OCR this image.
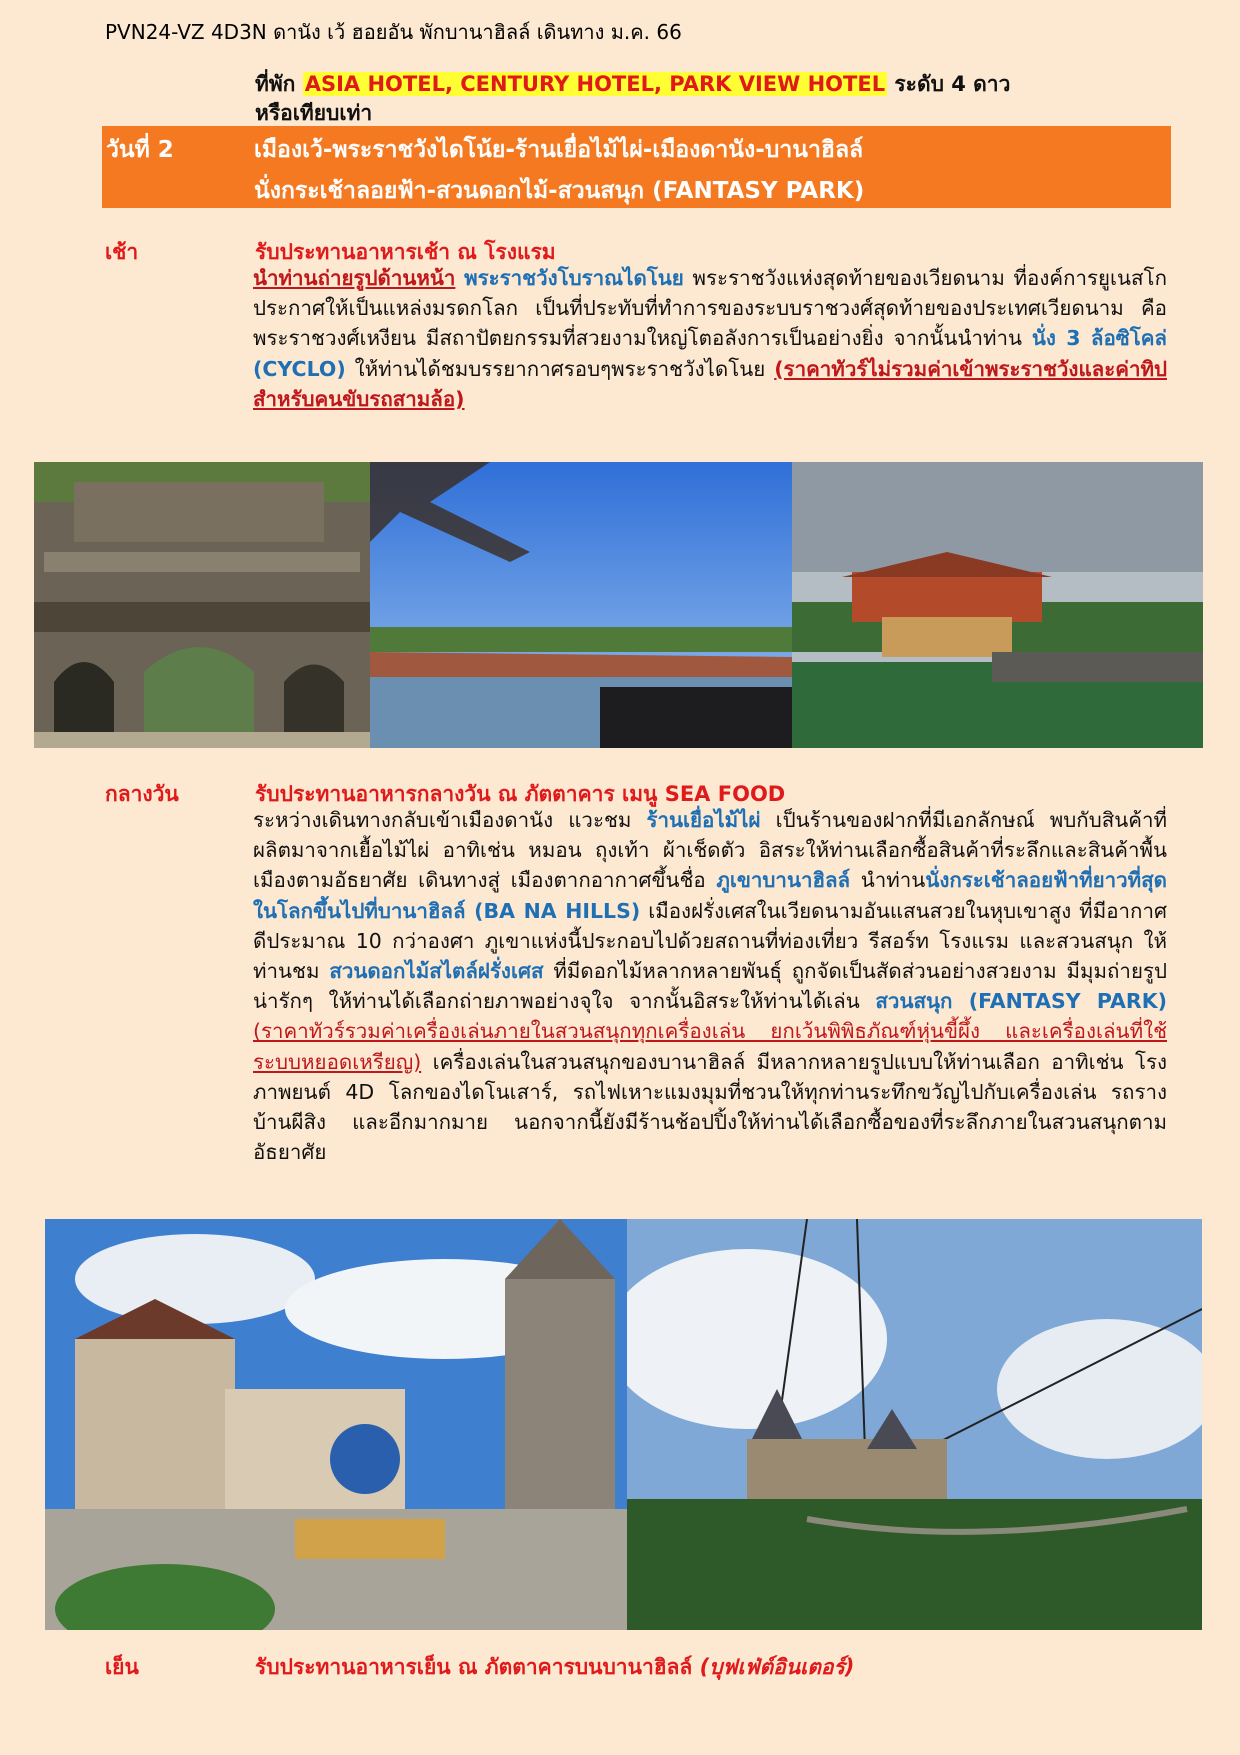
PVN24-VZ 4D3N ดานัง เว้ ฮอยอัน พักบานาฮิลล์ เดินทาง ม.ค. 66
ที่พัก ASIA HOTEL, CENTURY HOTEL, PARK VIEW HOTEL ระดับ 4 ดาว
หรือเทียบเท่า
วันที่ 2	เมืองเว้-พระราชวังไดโน้ย-ร้านเยื่อไม้ไผ่-เมืองดานัง-บานาฮิลล์
นั่งกระเช้าลอยฟ้า-สวนดอกไม้-สวนสนุก (FANTASY PARK)
เช้า	รับประทานอาหารเช้า ณ โรงแรม
นำท่านถ่ายรูปด้านหน้า พระราชวังโบราณไดโนย พระราชวังแห่งสุดท้ายของเวียดนาม ที่องค์การยูเนสโกประกาศให้เป็นแหล่งมรดกโลก เป็นที่ประทับที่ทำการของระบบราชวงศ์สุดท้ายของประเทศเวียดนาม คือพระราชวงศ์เหงียน มีสถาปัตยกรรมที่สวยงามใหญ่โตอลังการเป็นอย่างยิ่ง จากนั้นนำท่าน นั่ง 3 ล้อซิโคล่ (CYCLO) ให้ท่านได้ชมบรรยากาศรอบๆพระราชวังไดโนย (ราคาทัวร์ไม่รวมค่าเข้าพระราชวังและค่าทิปสำหรับคนขับรถสามล้อ)
กลางวัน	รับประทานอาหารกลางวัน ณ ภัตตาคาร เมนู SEA FOOD
ระหว่างเดินทางกลับเข้าเมืองดานัง แวะชม ร้านเยื่อไม้ไผ่ เป็นร้านของฝากที่มีเอกลักษณ์ พบกับสินค้าที่ผลิตมาจากเยื้อไม้ไผ่ อาทิเช่น หมอน ถุงเท้า ผ้าเช็ดตัว อิสระให้ท่านเลือกซื้อสินค้าที่ระลึกและสินค้าพื้นเมืองตามอัธยาศัย เดินทางสู่ เมืองตากอากาศขึ้นชื่อ ภูเขาบานาฮิลล์ นำท่านนั่งกระเช้าลอยฟ้าที่ยาวที่สุดในโลกขึ้นไปที่บานาฮิลล์ (BA NA HILLS) เมืองฝรั่งเศสในเวียดนามอันแสนสวยในหุบเขาสูง ที่มีอากาศดีประมาณ 10 กว่าองศา ภูเขาแห่งนี้ประกอบไปด้วยสถานที่ท่องเที่ยว รีสอร์ท โรงแรม และสวนสนุก ให้ท่านชม สวนดอกไม้สไตล์ฝรั่งเศส ที่มีดอกไม้หลากหลายพันธุ์ ถูกจัดเป็นสัดส่วนอย่างสวยงาม มีมุมถ่ายรูปน่ารักๆ ให้ท่านได้เลือกถ่ายภาพอย่างจุใจ จากนั้นอิสระให้ท่านได้เล่น สวนสนุก (FANTASY PARK) (ราคาทัวร์รวมค่าเครื่องเล่นภายในสวนสนุกทุกเครื่องเล่น ยกเว้นพิพิธภัณฑ์หุ่นขี้ผึ้ง และเครื่องเล่นที่ใช้ระบบหยอดเหรียญ) เครื่องเล่นในสวนสนุกของบานาฮิลล์ มีหลากหลายรูปแบบให้ท่านเลือก อาทิเช่น โรงภาพยนต์ 4D โลกของไดโนเสาร์, รถไฟเหาะแมงมุมที่ชวนให้ทุกท่านระทึกขวัญไปกับเครื่องเล่น รถราง บ้านผีสิง และอีกมากมาย นอกจากนี้ยังมีร้านช้อปปิ้งให้ท่านได้เลือกซื้อของที่ระลึกภายในสวนสนุกตามอัธยาศัย
เย็น	รับประทานอาหารเย็น ณ ภัตตาคารบนบานาฮิลล์ (บุฟเฟ่ต์อินเตอร์)
